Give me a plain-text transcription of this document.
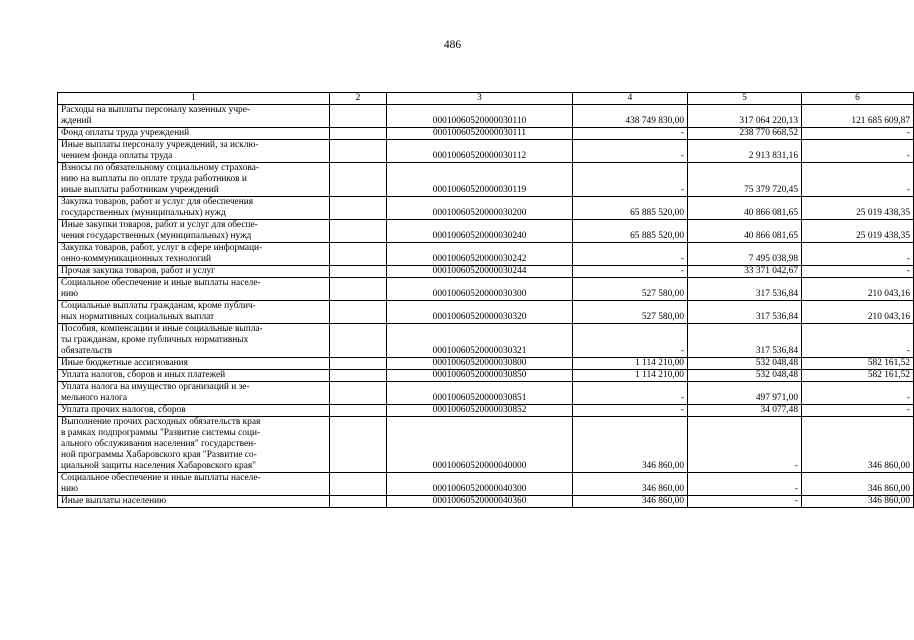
486
1	2	3	4	5	6
Расходы на выплаты персоналу казенных учре-
ждений		00010060520000030110	438 749 830,00	317 064 220,13	121 685 609,87
Фонд оплаты труда учреждений		00010060520000030111	-	238 770 668,52	-
Иные выплаты персоналу учреждений, за исклю-
чением фонда оплаты труда		00010060520000030112	-	2 913 831,16	-
Взносы по обязательному социальному страхова-
нию на выплаты по оплате труда работников и
иные выплаты работникам учреждений		00010060520000030119	-	75 379 720,45	-
Закупка товаров, работ и услуг для обеспечения
государственных (муниципальных) нужд		00010060520000030200	65 885 520,00	40 866 081,65	25 019 438,35
Иные закупки товаров, работ и услуг для обеспе-
чения государственных (муниципальных) нужд		00010060520000030240	65 885 520,00	40 866 081,65	25 019 438,35
Закупка товаров, работ, услуг в сфере информаци-
онно-коммуникационных технологий		00010060520000030242	-	7 495 038,98	-
Прочая закупка товаров, работ и услуг		00010060520000030244	-	33 371 042,67	-
Социальное обеспечение и иные выплаты населе-
нию		00010060520000030300	527 580,00	317 536,84	210 043,16
Социальные выплаты гражданам, кроме публич-
ных нормативных социальных выплат		00010060520000030320	527 580,00	317 536,84	210 043,16
Пособия, компенсации и иные социальные выпла-
ты гражданам, кроме публичных нормативных
обязательств		00010060520000030321	-	317 536,84	-
Иные бюджетные ассигнования		00010060520000030800	1 114 210,00	532 048,48	582 161,52
Уплата налогов, сборов и иных платежей		00010060520000030850	1 114 210,00	532 048,48	582 161,52
Уплата налога на имущество организаций и зе-
мельного налога		00010060520000030851	-	497 971,00	-
Уплата прочих налогов, сборов		00010060520000030852	-	34 077,48	-
Выполнение прочих расходных обязательств края
в рамках подпрограммы "Развитие системы соци-
ального обслуживания населения" государствен-
ной программы Хабаровского края "Развитие со-
циальной защиты населения Хабаровского края"		00010060520000040000	346 860,00	-	346 860,00
Социальное обеспечение и иные выплаты населе-
нию		00010060520000040300	346 860,00	-	346 860,00
Иные выплаты населению		00010060520000040360	346 860,00	-	346 860,00
